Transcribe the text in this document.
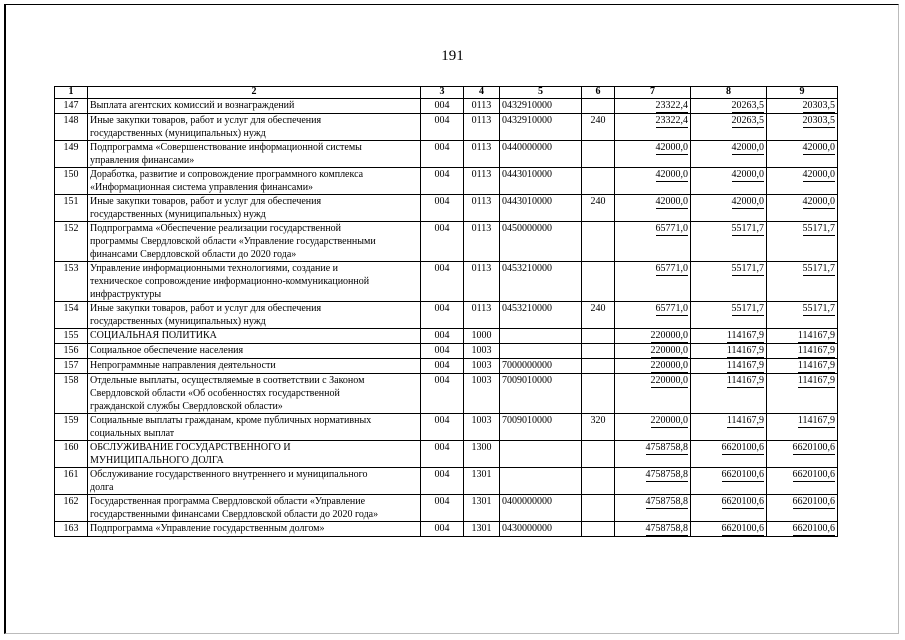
191
1	2	3	4	5	6	7	8	9
147	Выплата агентских комиссий и вознаграждений	004	0113	0432910000		23322,4	20263,5	20303,5
148	Иные закупки товаров, работ и услуг для обеспечения
государственных (муниципальных) нужд	004	0113	0432910000	240	23322,4	20263,5	20303,5
149	Подпрограмма «Совершенствование информационной системы
управления финансами»	004	0113	0440000000		42000,0	42000,0	42000,0
150	Доработка, развитие и сопровождение программного комплекса
«Информационная система управления финансами»	004	0113	0443010000		42000,0	42000,0	42000,0
151	Иные закупки товаров, работ и услуг для обеспечения
государственных (муниципальных) нужд	004	0113	0443010000	240	42000,0	42000,0	42000,0
152	Подпрограмма «Обеспечение реализации государственной
программы Свердловской области «Управление государственными
финансами Свердловской области до 2020 года»	004	0113	0450000000		65771,0	55171,7	55171,7
153	Управление информационными технологиями, создание и
техническое сопровождение информационно-коммуникационной
инфраструктуры	004	0113	0453210000		65771,0	55171,7	55171,7
154	Иные закупки товаров, работ и услуг для обеспечения
государственных (муниципальных) нужд	004	0113	0453210000	240	65771,0	55171,7	55171,7
155	СОЦИАЛЬНАЯ ПОЛИТИКА	004	1000			220000,0	114167,9	114167,9
156	Социальное обеспечение населения	004	1003			220000,0	114167,9	114167,9
157	Непрограммные направления деятельности	004	1003	7000000000		220000,0	114167,9	114167,9
158	Отдельные выплаты, осуществляемые в соответствии с Законом
Свердловской области «Об особенностях государственной
гражданской службы Свердловской области»	004	1003	7009010000		220000,0	114167,9	114167,9
159	Социальные выплаты гражданам, кроме публичных нормативных
социальных выплат	004	1003	7009010000	320	220000,0	114167,9	114167,9
160	ОБСЛУЖИВАНИЕ ГОСУДАРСТВЕННОГО И
МУНИЦИПАЛЬНОГО ДОЛГА	004	1300			4758758,8	6620100,6	6620100,6
161	Обслуживание государственного внутреннего и муниципального
долга	004	1301			4758758,8	6620100,6	6620100,6
162	Государственная программа Свердловской области «Управление
государственными финансами Свердловской области до 2020 года»	004	1301	0400000000		4758758,8	6620100,6	6620100,6
163	Подпрограмма «Управление государственным долгом»	004	1301	0430000000		4758758,8	6620100,6	6620100,6
